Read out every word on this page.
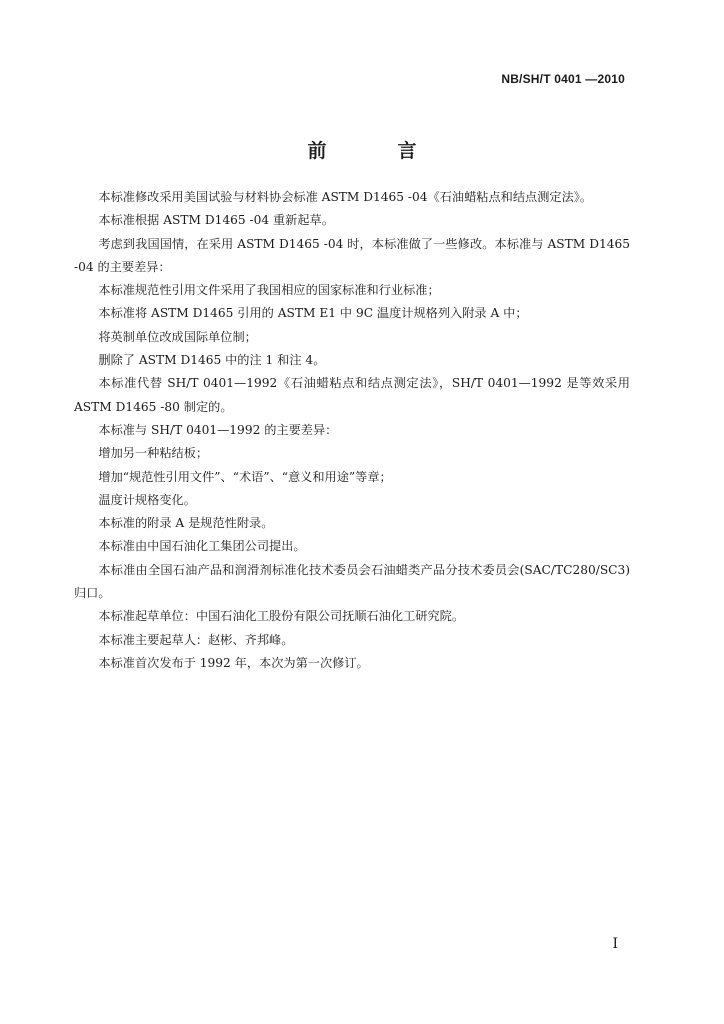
NB/SH/T 0401 —2010
前　言

本标准修改采用美国试验与材料协会标准 ASTM D1465 -04《石油蜡粘点和结点测定法》。

本标准根据 ASTM D1465 -04 重新起草。

考虑到我国国情，在采用 ASTM D1465 -04 时，本标准做了一些修改。本标准与 ASTM D1465 -04 的主要差异：

本标准规范性引用文件采用了我国相应的国家标准和行业标准；

本标准将 ASTM D1465 引用的 ASTM E1 中 9C 温度计规格列入附录 A 中；

将英制单位改成国际单位制；

删除了 ASTM D1465 中的注 1 和注 4。

本标准代替 SH/T 0401—1992《石油蜡粘点和结点测定法》，SH/T 0401—1992 是等效采用 ASTM D1465 -80 制定的。

本标准与 SH/T 0401—1992 的主要差异：

增加另一种粘结板；

增加“规范性引用文件”、“术语”、“意义和用途”等章；

温度计规格变化。

本标准的附录 A 是规范性附录。

本标准由中国石油化工集团公司提出。

本标准由全国石油产品和润滑剂标准化技术委员会石油蜡类产品分技术委员会(SAC/TC280/SC3)归口。

本标准起草单位：中国石油化工股份有限公司抚顺石油化工研究院。

本标准主要起草人：赵彬、齐邦峰。

本标准首次发布于 1992 年，本次为第一次修订。

I
